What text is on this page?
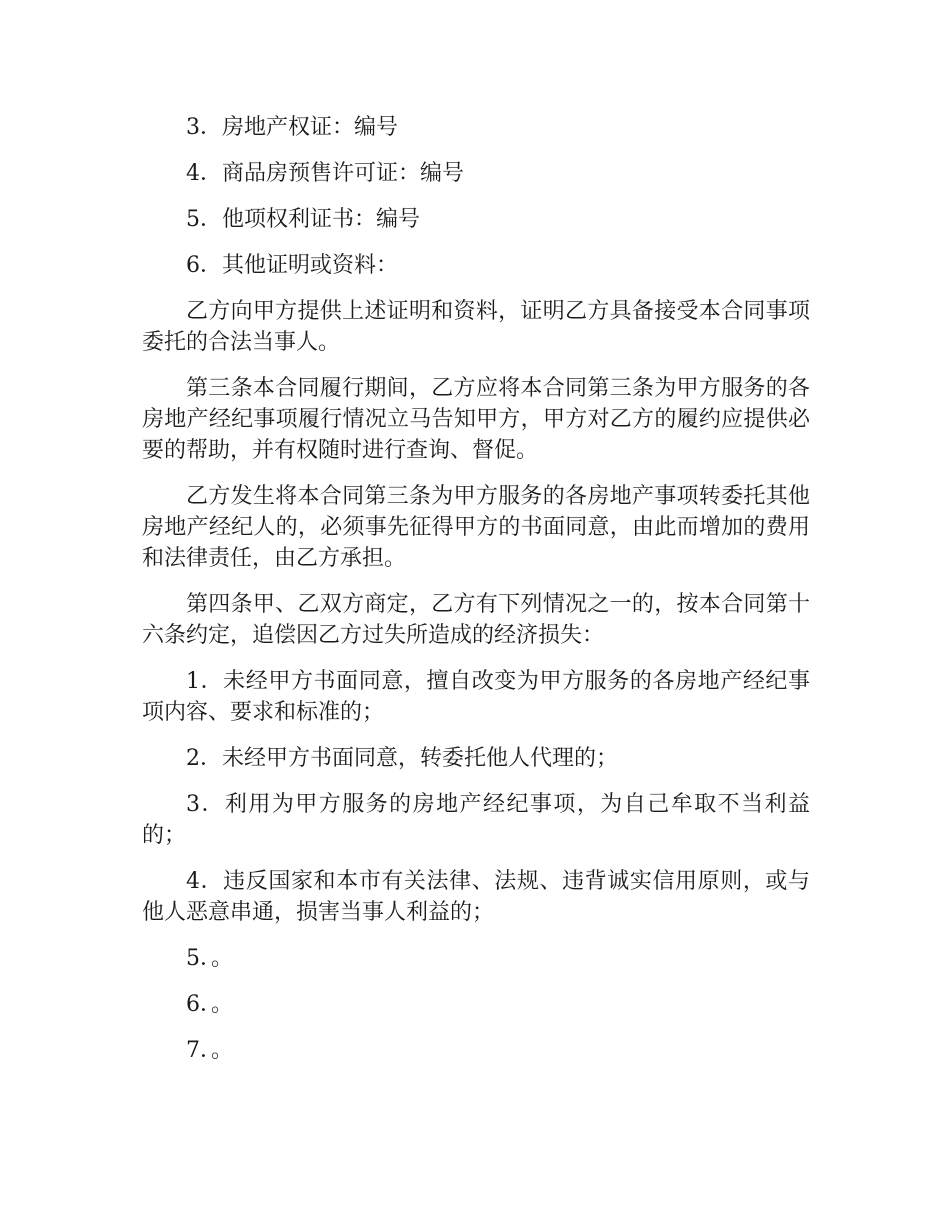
3．房地产权证：编号

4．商品房预售许可证：编号

5．他项权利证书：编号

6．其他证明或资料：

乙方向甲方提供上述证明和资料，证明乙方具备接受本合同事项委托的合法当事人。

第三条本合同履行期间，乙方应将本合同第三条为甲方服务的各房地产经纪事项履行情况立马告知甲方，甲方对乙方的履约应提供必要的帮助，并有权随时进行查询、督促。

乙方发生将本合同第三条为甲方服务的各房地产事项转委托其他房地产经纪人的，必须事先征得甲方的书面同意，由此而增加的费用和法律责任，由乙方承担。

第四条甲、乙双方商定，乙方有下列情况之一的，按本合同第十六条约定，追偿因乙方过失所造成的经济损失：

1．未经甲方书面同意，擅自改变为甲方服务的各房地产经纪事项内容、要求和标准的；

2．未经甲方书面同意，转委托他人代理的；

3．利用为甲方服务的房地产经纪事项，为自己牟取不当利益的；

4．违反国家和本市有关法律、法规、违背诚实信用原则，或与他人恶意串通，损害当事人利益的；

5．。

6．。

7．。
